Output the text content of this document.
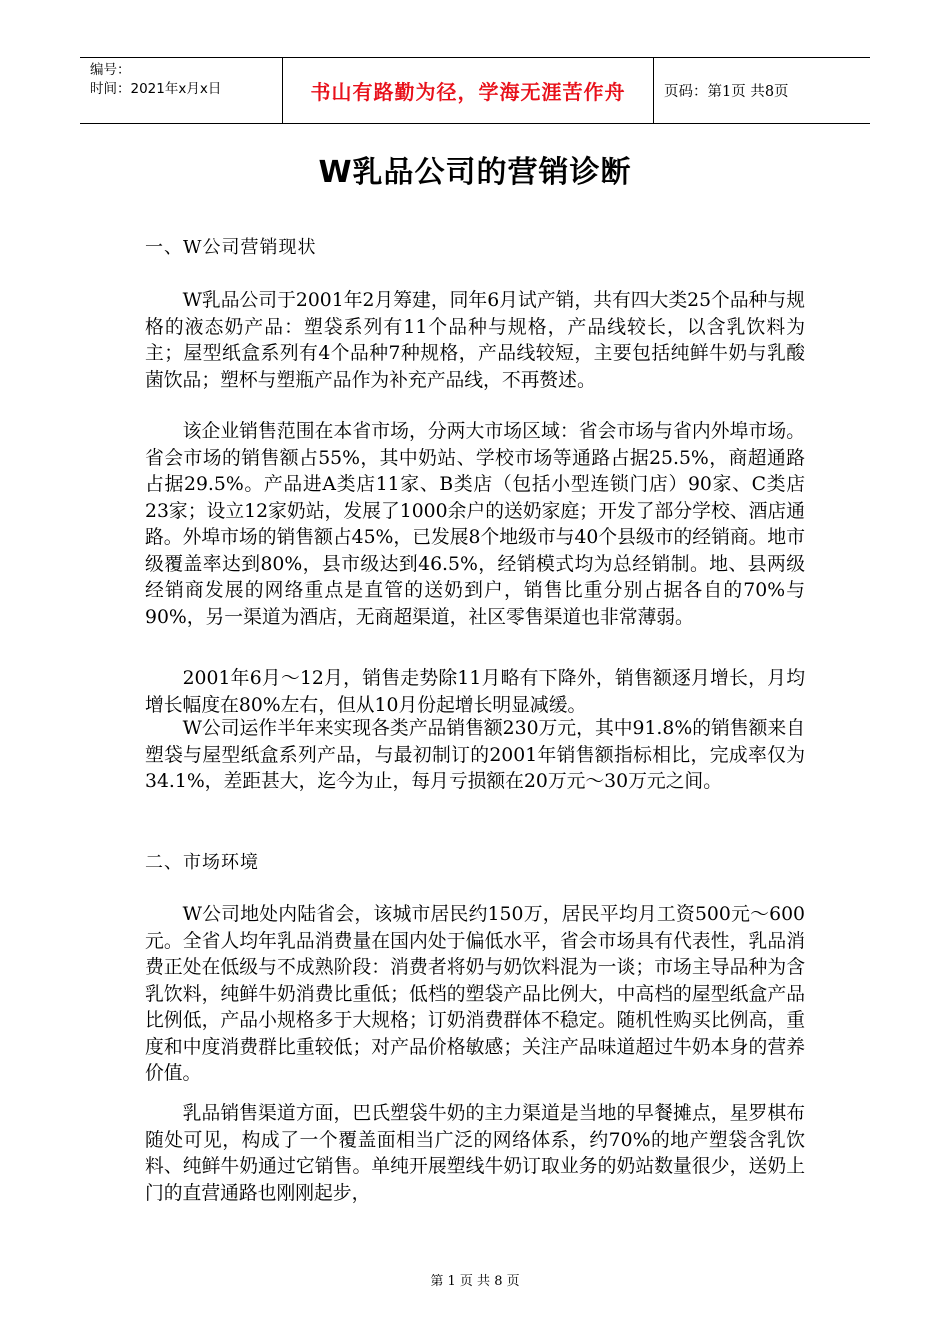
编号：
时间：2021年x月x日	书山有路勤为径，学海无涯苦作舟	页码：第1页 共8页
W乳品公司的营销诊断
一、W公司营销现状

W乳品公司于2001年2月筹建，同年6月试产销，共有四大类25个品种与规格的液态奶产品：塑袋系列有11个品种与规格，产品线较长，以含乳饮料为主；屋型纸盒系列有4个品种7种规格，产品线较短，主要包括纯鲜牛奶与乳酸菌饮品；塑杯与塑瓶产品作为补充产品线，不再赘述。

该企业销售范围在本省市场，分两大市场区域：省会市场与省内外埠市场。省会市场的销售额占55%，其中奶站、学校市场等通路占据25.5%，商超通路占据29.5%。产品进A类店11家、B类店（包括小型连锁门店）90家、C类店23家；设立12家奶站，发展了1000余户的送奶家庭；开发了部分学校、酒店通路。外埠市场的销售额占45%，已发展8个地级市与40个县级市的经销商。地市级覆盖率达到80%，县市级达到46.5%，经销模式均为总经销制。地、县两级经销商发展的网络重点是直管的送奶到户，销售比重分别占据各自的70%与90%，另一渠道为酒店，无商超渠道，社区零售渠道也非常薄弱。

2001年6月～12月，销售走势除11月略有下降外，销售额逐月增长，月均增长幅度在80%左右，但从10月份起增长明显减缓。

W公司运作半年来实现各类产品销售额230万元，其中91.8%的销售额来自塑袋与屋型纸盒系列产品，与最初制订的2001年销售额指标相比，完成率仅为34.1%，差距甚大，迄今为止，每月亏损额在20万元～30万元之间。

二、市场环境

W公司地处内陆省会，该城市居民约150万，居民平均月工资500元～600元。全省人均年乳品消费量在国内处于偏低水平，省会市场具有代表性，乳品消费正处在低级与不成熟阶段：消费者将奶与奶饮料混为一谈；市场主导品种为含乳饮料，纯鲜牛奶消费比重低；低档的塑袋产品比例大，中高档的屋型纸盒产品比例低，产品小规格多于大规格；订奶消费群体不稳定。随机性购买比例高，重度和中度消费群比重较低；对产品价格敏感；关注产品味道超过牛奶本身的营养价值。

乳品销售渠道方面，巴氏塑袋牛奶的主力渠道是当地的早餐摊点，星罗棋布随处可见，构成了一个覆盖面相当广泛的网络体系，约70%的地产塑袋含乳饮料、纯鲜牛奶通过它销售。单纯开展塑线牛奶订取业务的奶站数量很少，送奶上门的直营通路也刚刚起步，

第 1 页 共 8 页
